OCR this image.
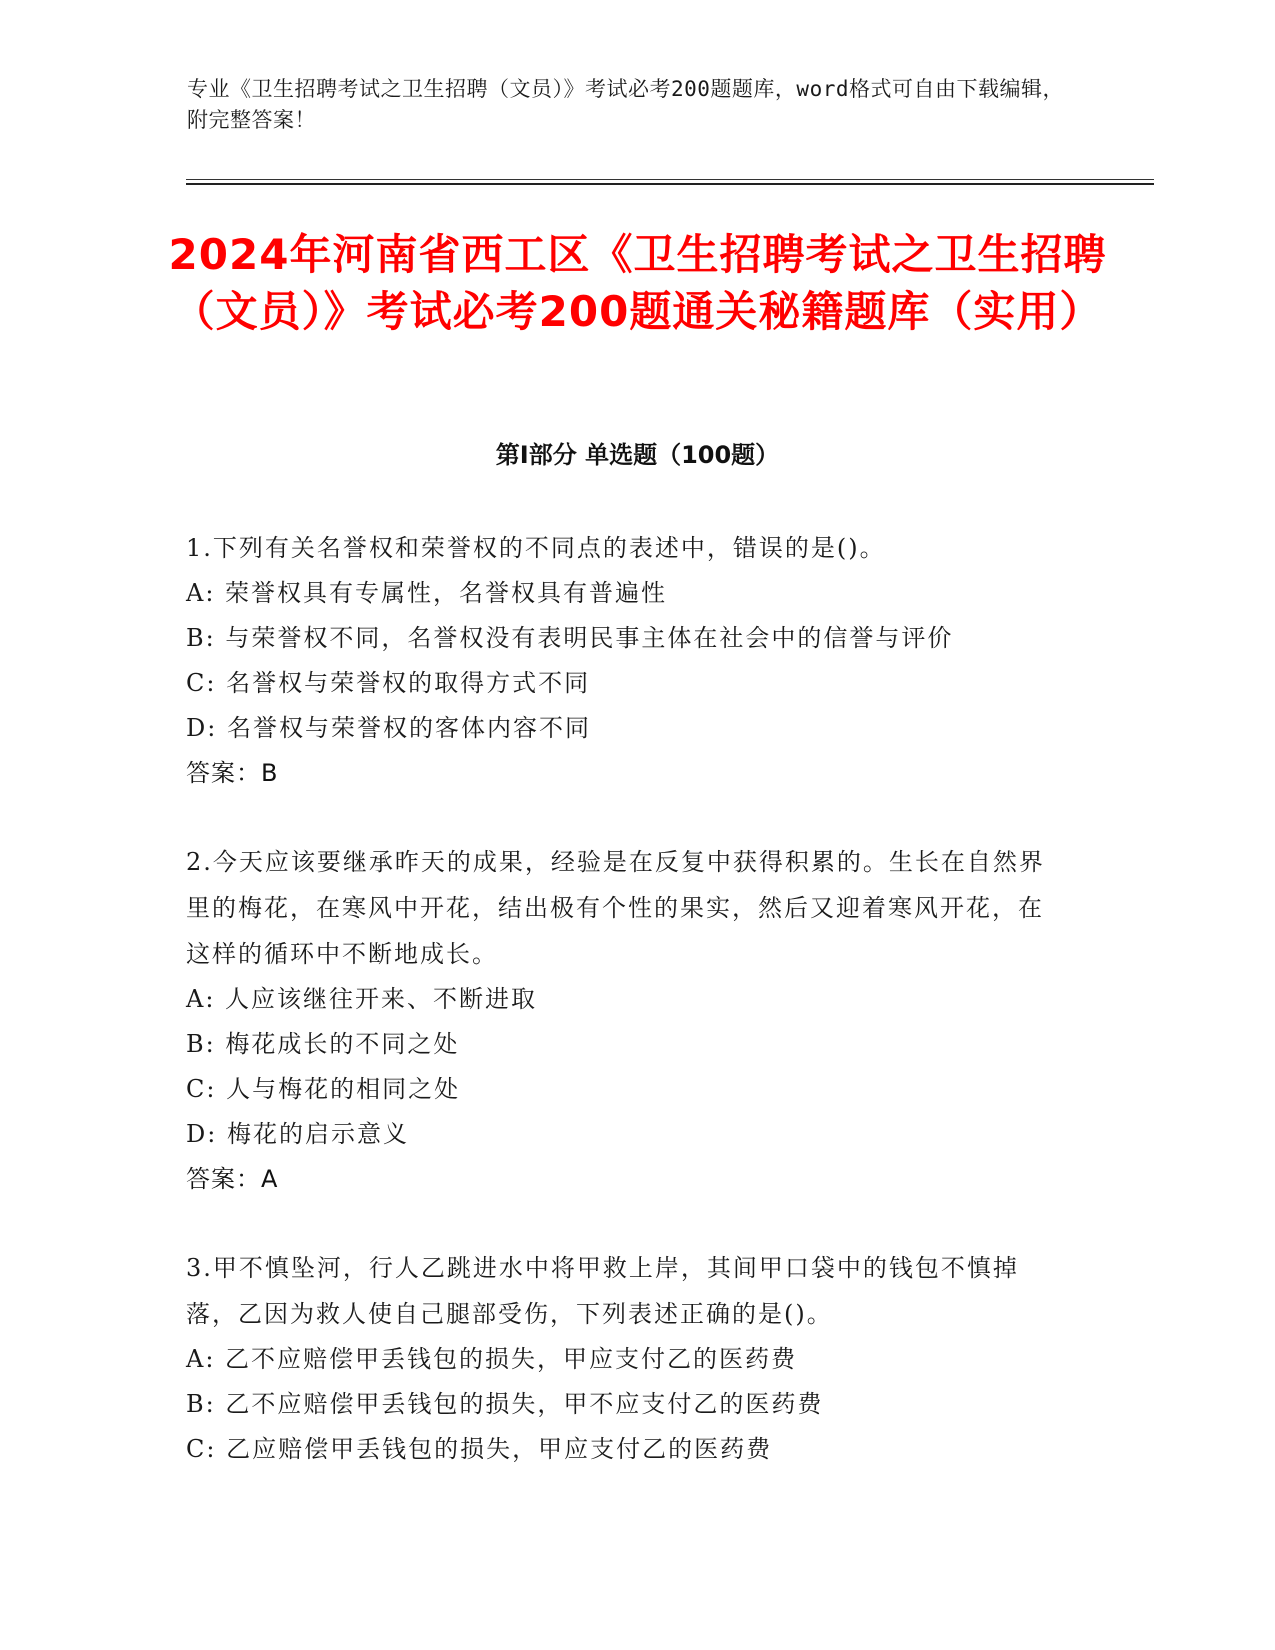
专业《卫生招聘考试之卫生招聘（文员）》考试必考200题题库，word格式可自由下载编辑，附完整答案！
2024年河南省西工区《卫生招聘考试之卫生招聘（文员）》考试必考200题通关秘籍题库（实用）
第Ⅰ部分 单选题（100题）
1.下列有关名誉权和荣誉权的不同点的表述中，错误的是()。
A: 荣誉权具有专属性，名誉权具有普遍性
B: 与荣誉权不同，名誉权没有表明民事主体在社会中的信誉与评价
C: 名誉权与荣誉权的取得方式不同
D: 名誉权与荣誉权的客体内容不同
答案：B
2.今天应该要继承昨天的成果，经验是在反复中获得积累的。生长在自然界里的梅花，在寒风中开花，结出极有个性的果实，然后又迎着寒风开花，在这样的循环中不断地成长。
A: 人应该继往开来、不断进取
B: 梅花成长的不同之处
C: 人与梅花的相同之处
D: 梅花的启示意义
答案：A
3.甲不慎坠河，行人乙跳进水中将甲救上岸，其间甲口袋中的钱包不慎掉落，乙因为救人使自己腿部受伤，下列表述正确的是()。
A: 乙不应赔偿甲丢钱包的损失，甲应支付乙的医药费
B: 乙不应赔偿甲丢钱包的损失，甲不应支付乙的医药费
C: 乙应赔偿甲丢钱包的损失，甲应支付乙的医药费
